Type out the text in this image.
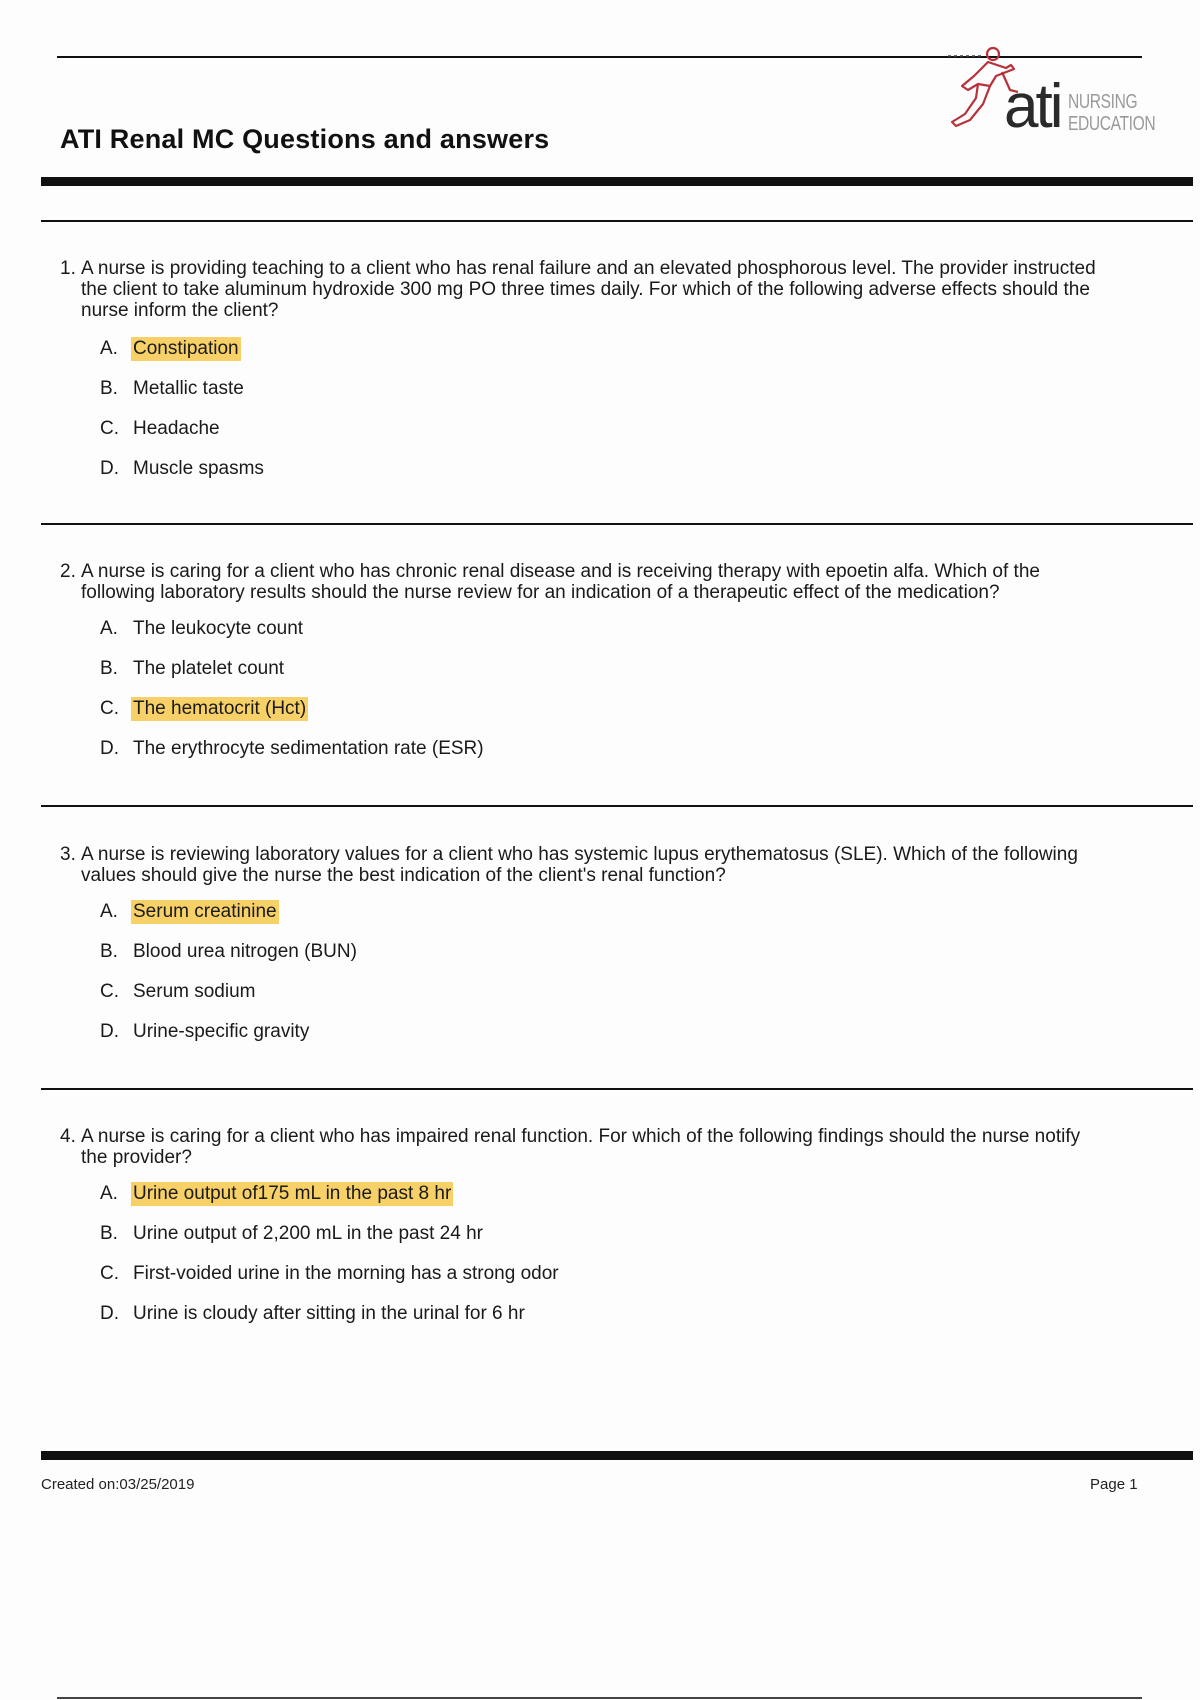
ati NURSING
EDUCATION
ATI Renal MC Questions and answers
1. A nurse is providing teaching to a client who has renal failure and an elevated phosphorous level. The provider instructed the client to take aluminum hydroxide 300 mg PO three times daily. For which of the following adverse effects should the nurse inform the client?
A. Constipation
B. Metallic taste
C. Headache
D. Muscle spasms
2. A nurse is caring for a client who has chronic renal disease and is receiving therapy with epoetin alfa. Which of the following laboratory results should the nurse review for an indication of a therapeutic effect of the medication?
A. The leukocyte count
B. The platelet count
C. The hematocrit (Hct)
D. The erythrocyte sedimentation rate (ESR)
3. A nurse is reviewing laboratory values for a client who has systemic lupus erythematosus (SLE). Which of the following values should give the nurse the best indication of the client's renal function?
A. Serum creatinine
B. Blood urea nitrogen (BUN)
C. Serum sodium
D. Urine-specific gravity
4. A nurse is caring for a client who has impaired renal function. For which of the following findings should the nurse notify the provider?
A. Urine output of175 mL in the past 8 hr
B. Urine output of 2,200 mL in the past 24 hr
C. First-voided urine in the morning has a strong odor
D. Urine is cloudy after sitting in the urinal for 6 hr
Created on:03/25/2019	Page 1
